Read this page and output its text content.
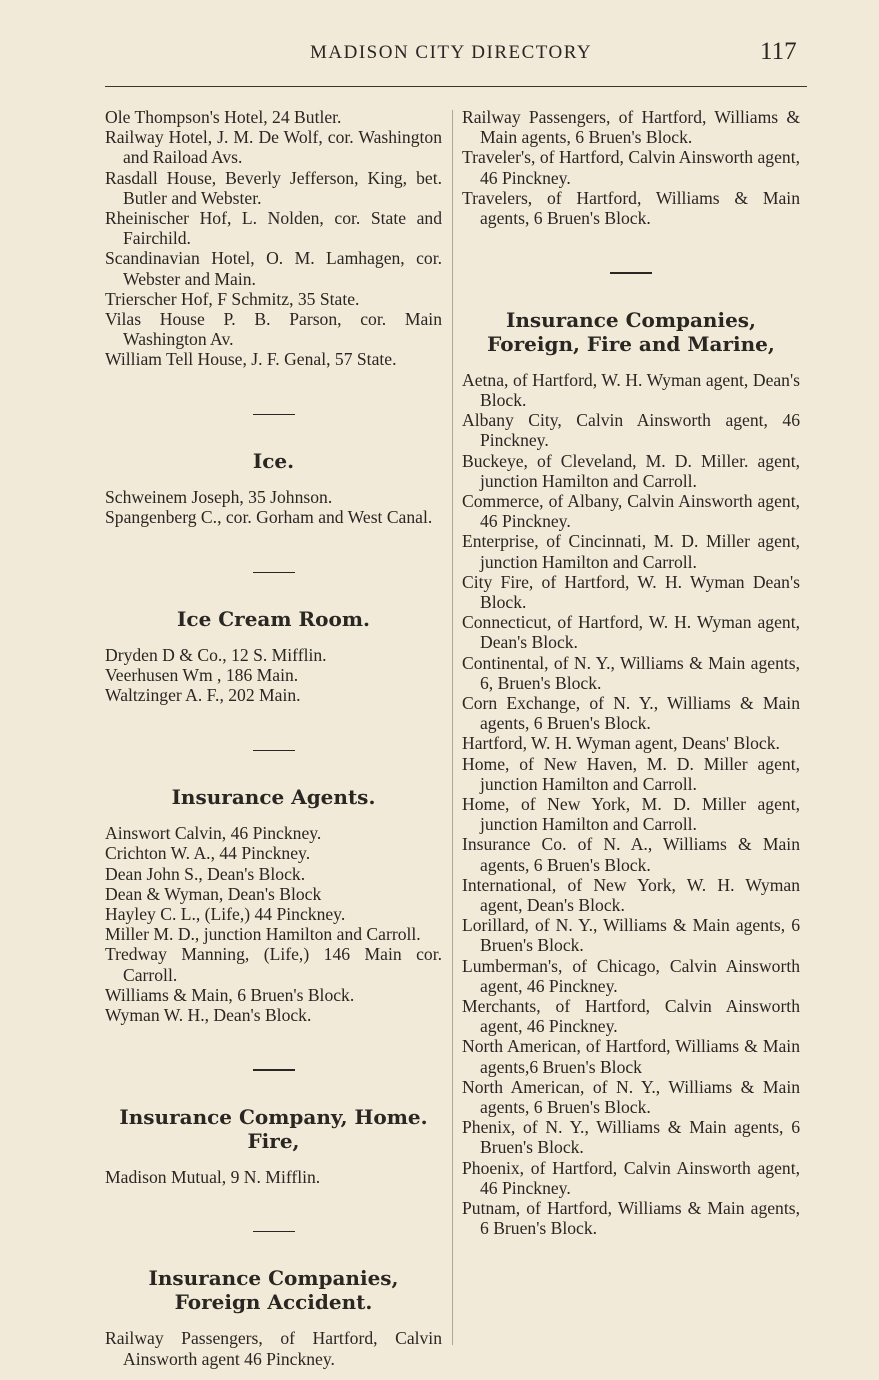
MADISON CITY DIRECTORY	117

Ole Thompson's Hotel, 24 Butler.

Railway Hotel, J. M. De Wolf, cor. Washington and Raiload Avs.

Rasdall House, Beverly Jefferson, King, bet. Butler and Webster.

Rheinischer Hof, L. Nolden, cor. State and Fairchild.

Scandinavian Hotel, O. M. Lamhagen, cor. Webster and Main.

Trierscher Hof, F Schmitz, 35 State.

Vilas House P. B. Parson, cor. Main Washington Av.

William Tell House, J. F. Genal, 57 State.

Ice.

Schweinem Joseph, 35 Johnson.

Spangenberg C., cor. Gorham and West Canal.

Ice Cream Room.

Dryden D & Co., 12 S. Mifflin.

Veerhusen Wm , 186 Main.

Waltzinger A. F., 202 Main.

Insurance Agents.

Ainswort Calvin, 46 Pinckney.

Crichton W. A., 44 Pinckney.

Dean John S., Dean's Block.

Dean & Wyman, Dean's Block

Hayley C. L., (Life,) 44 Pinckney.

Miller M. D., junction Hamilton and Carroll.

Tredway Manning, (Life,) 146 Main cor. Carroll.

Williams & Main, 6 Bruen's Block.

Wyman W. H., Dean's Block.

Insurance Company, Home. Fire,

Madison Mutual, 9 N. Mifflin.

Insurance Companies, Foreign Accident.

Railway Passengers, of Hartford, Calvin Ainsworth agent 46 Pinckney.

Railway Passengers, of Hartford, Williams & Main agents, 6 Bruen's Block.

Traveler's, of Hartford, Calvin Ainsworth agent, 46 Pinckney.

Travelers, of Hartford, Williams & Main agents, 6 Bruen's Block.

Insurance Companies, Foreign, Fire and Marine,

Aetna, of Hartford, W. H. Wyman agent, Dean's Block.

Albany City, Calvin Ainsworth agent, 46 Pinckney.

Buckeye, of Cleveland, M. D. Miller. agent, junction Hamilton and Carroll.

Commerce, of Albany, Calvin Ainsworth agent, 46 Pinckney.

Enterprise, of Cincinnati, M. D. Miller agent, junction Hamilton and Carroll.

City Fire, of Hartford, W. H. Wyman Dean's Block.

Connecticut, of Hartford, W. H. Wyman agent, Dean's Block.

Continental, of N. Y., Williams & Main agents, 6, Bruen's Block.

Corn Exchange, of N. Y., Williams & Main agents, 6 Bruen's Block.

Hartford, W. H. Wyman agent, Deans' Block.

Home, of New Haven, M. D. Miller agent, junction Hamilton and Carroll.

Home, of New York, M. D. Miller agent, junction Hamilton and Carroll.

Insurance Co. of N. A., Williams & Main agents, 6 Bruen's Block.

International, of New York, W. H. Wyman agent, Dean's Block.

Lorillard, of N. Y., Williams & Main agents, 6 Bruen's Block.

Lumberman's, of Chicago, Calvin Ainsworth agent, 46 Pinckney.

Merchants, of Hartford, Calvin Ainsworth agent, 46 Pinckney.

North American, of Hartford, Williams & Main agents,6 Bruen's Block

North American, of N. Y., Williams & Main agents, 6 Bruen's Block.

Phenix, of N. Y., Williams & Main agents, 6 Bruen's Block.

Phoenix, of Hartford, Calvin Ainsworth agent, 46 Pinckney.

Putnam, of Hartford, Williams & Main agents, 6 Bruen's Block.
